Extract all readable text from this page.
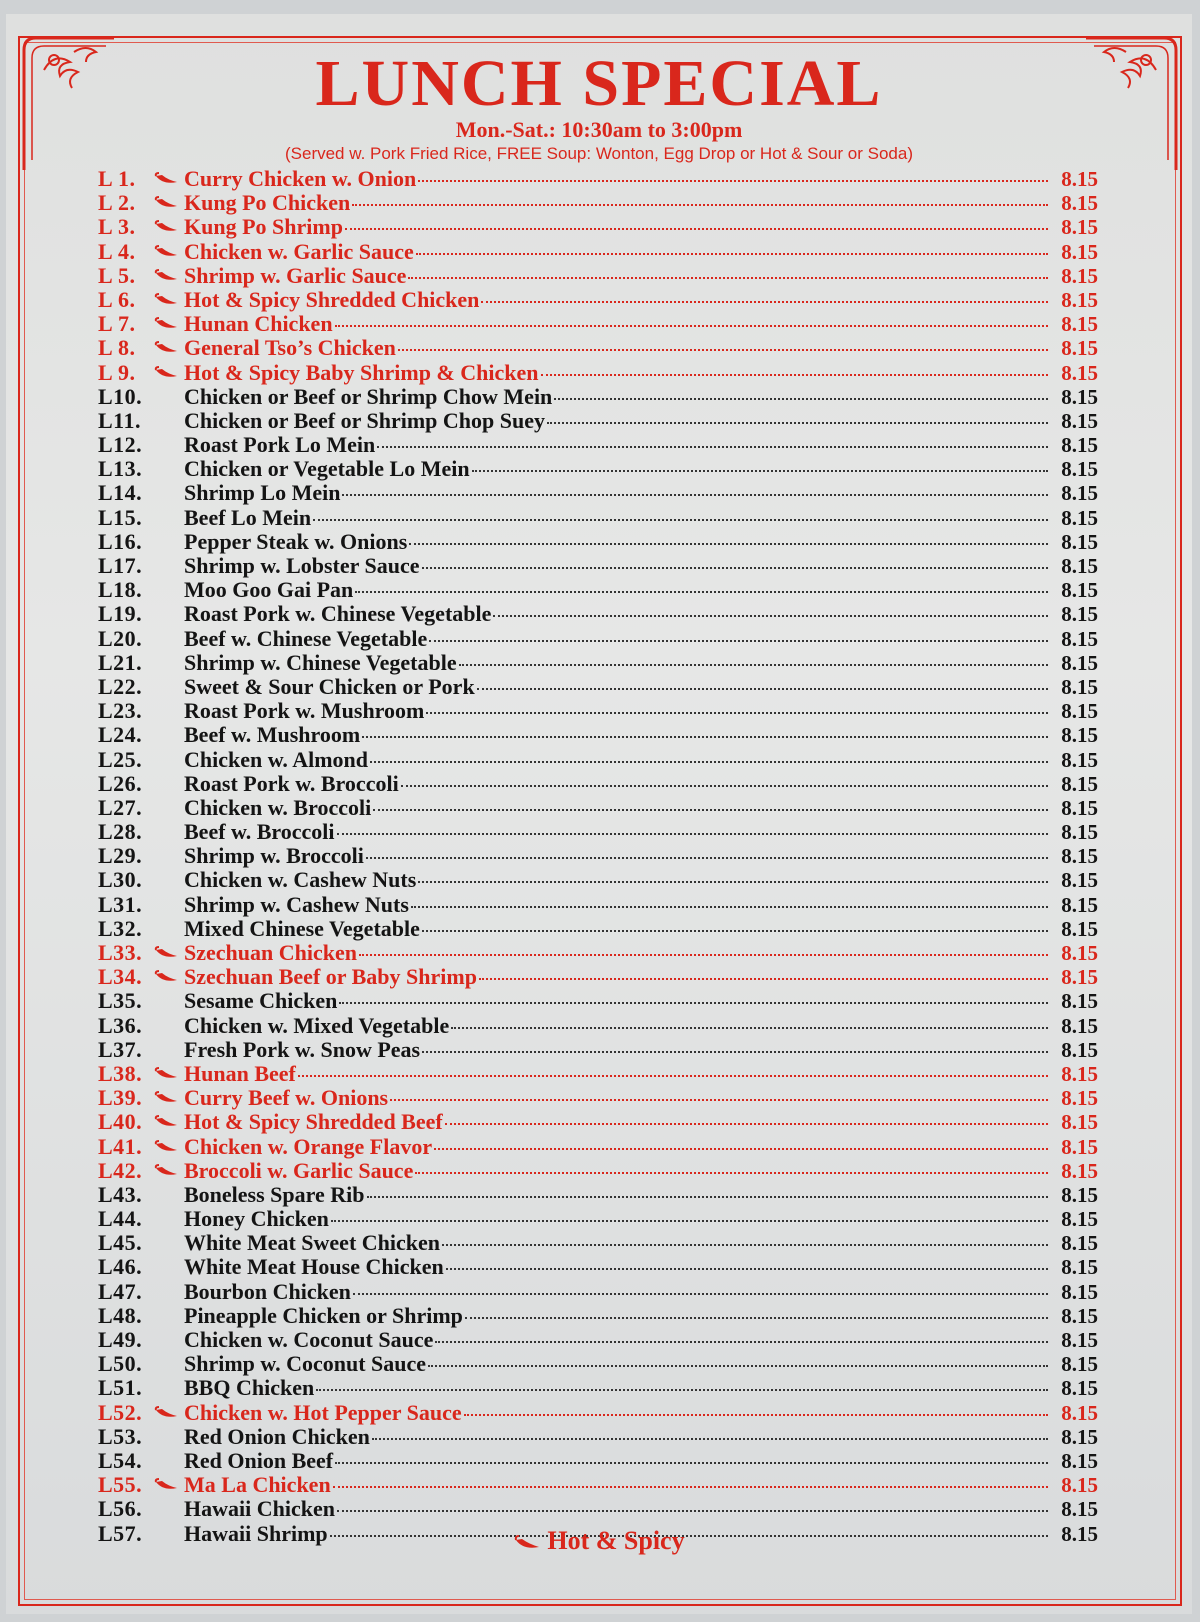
LUNCH SPECIAL
Mon.-Sat.: 10:30am to 3:00pm
(Served w. Pork Fried Rice, FREE Soup: Wonton, Egg Drop or Hot & Sour or Soda)
L 1.	Curry Chicken w. Onion	8.15
L 2.	Kung Po Chicken	8.15
L 3.	Kung Po Shrimp	8.15
L 4.	Chicken w. Garlic Sauce	8.15
L 5.	Shrimp w. Garlic Sauce	8.15
L 6.	Hot & Spicy Shredded Chicken	8.15
L 7.	Hunan Chicken	8.15
L 8.	General Tso’s Chicken	8.15
L 9.	Hot & Spicy Baby Shrimp & Chicken	8.15
L10.	Chicken or Beef or Shrimp Chow Mein	8.15
L11.	Chicken or Beef or Shrimp Chop Suey	8.15
L12.	Roast Pork Lo Mein	8.15
L13.	Chicken or Vegetable Lo Mein	8.15
L14.	Shrimp Lo Mein	8.15
L15.	Beef Lo Mein	8.15
L16.	Pepper Steak w. Onions	8.15
L17.	Shrimp w. Lobster Sauce	8.15
L18.	Moo Goo Gai Pan	8.15
L19.	Roast Pork w. Chinese Vegetable	8.15
L20.	Beef w. Chinese Vegetable	8.15
L21.	Shrimp w. Chinese Vegetable	8.15
L22.	Sweet & Sour Chicken or Pork	8.15
L23.	Roast Pork w. Mushroom	8.15
L24.	Beef w. Mushroom	8.15
L25.	Chicken w. Almond	8.15
L26.	Roast Pork w. Broccoli	8.15
L27.	Chicken w. Broccoli	8.15
L28.	Beef w. Broccoli	8.15
L29.	Shrimp w. Broccoli	8.15
L30.	Chicken w. Cashew Nuts	8.15
L31.	Shrimp w. Cashew Nuts	8.15
L32.	Mixed Chinese Vegetable	8.15
L33.	Szechuan Chicken	8.15
L34.	Szechuan Beef or Baby Shrimp	8.15
L35.	Sesame Chicken	8.15
L36.	Chicken w. Mixed Vegetable	8.15
L37.	Fresh Pork w. Snow Peas	8.15
L38.	Hunan Beef	8.15
L39.	Curry Beef w. Onions	8.15
L40.	Hot & Spicy Shredded Beef	8.15
L41.	Chicken w. Orange Flavor	8.15
L42.	Broccoli w. Garlic Sauce	8.15
L43.	Boneless Spare Rib	8.15
L44.	Honey Chicken	8.15
L45.	White Meat Sweet Chicken	8.15
L46.	White Meat House Chicken	8.15
L47.	Bourbon Chicken	8.15
L48.	Pineapple Chicken or Shrimp	8.15
L49.	Chicken w. Coconut Sauce	8.15
L50.	Shrimp w. Coconut Sauce	8.15
L51.	BBQ Chicken	8.15
L52.	Chicken w. Hot Pepper Sauce	8.15
L53.	Red Onion Chicken	8.15
L54.	Red Onion Beef	8.15
L55.	Ma La Chicken	8.15
L56.	Hawaii Chicken	8.15
L57.	Hawaii Shrimp	8.15
Hot & Spicy
